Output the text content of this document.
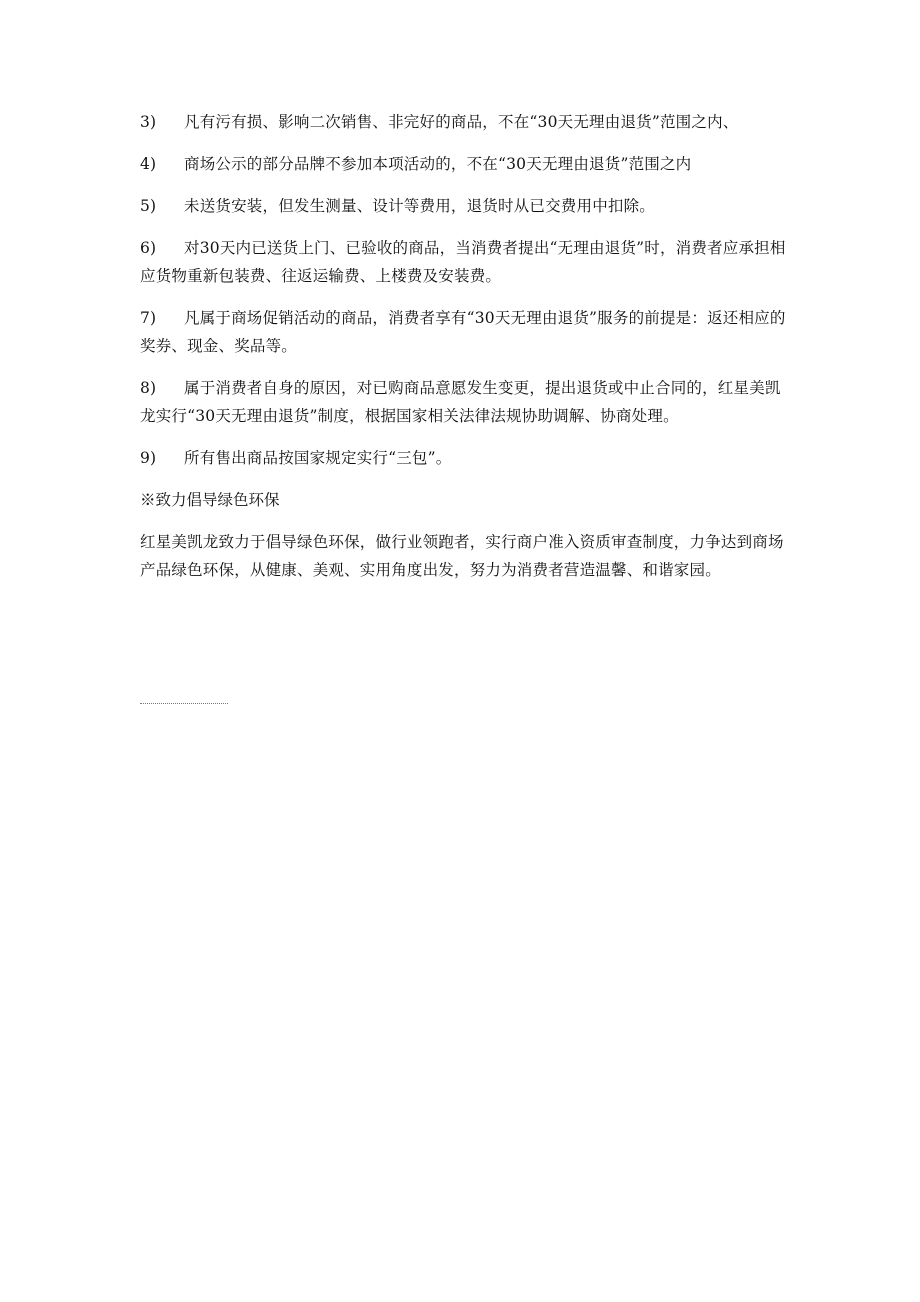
3)	凡有污有损、影响二次销售、非完好的商品，不在“30天无理由退货”范围之内、

4)	商场公示的部分品牌不参加本项活动的，不在“30天无理由退货”范围之内

5)	未送货安装，但发生测量、设计等费用，退货时从已交费用中扣除。

6) 对30天内已送货上门、已验收的商品，当消费者提出“无理由退货”时，消费者应承担相应货物重新包装费、往返运输费、上楼费及安装费。

7) 凡属于商场促销活动的商品，消费者享有“30天无理由退货”服务的前提是：返还相应的奖券、现金、奖品等。

8) 属于消费者自身的原因，对已购商品意愿发生变更，提出退货或中止合同的，红星美凯龙实行“30天无理由退货”制度，根据国家相关法律法规协助调解、协商处理。

9)	所有售出商品按国家规定实行“三包”。

※致力倡导绿色环保

红星美凯龙致力于倡导绿色环保，做行业领跑者，实行商户准入资质审查制度，力争达到商场产品绿色环保，从健康、美观、实用角度出发，努力为消费者营造温馨、和谐家园。
